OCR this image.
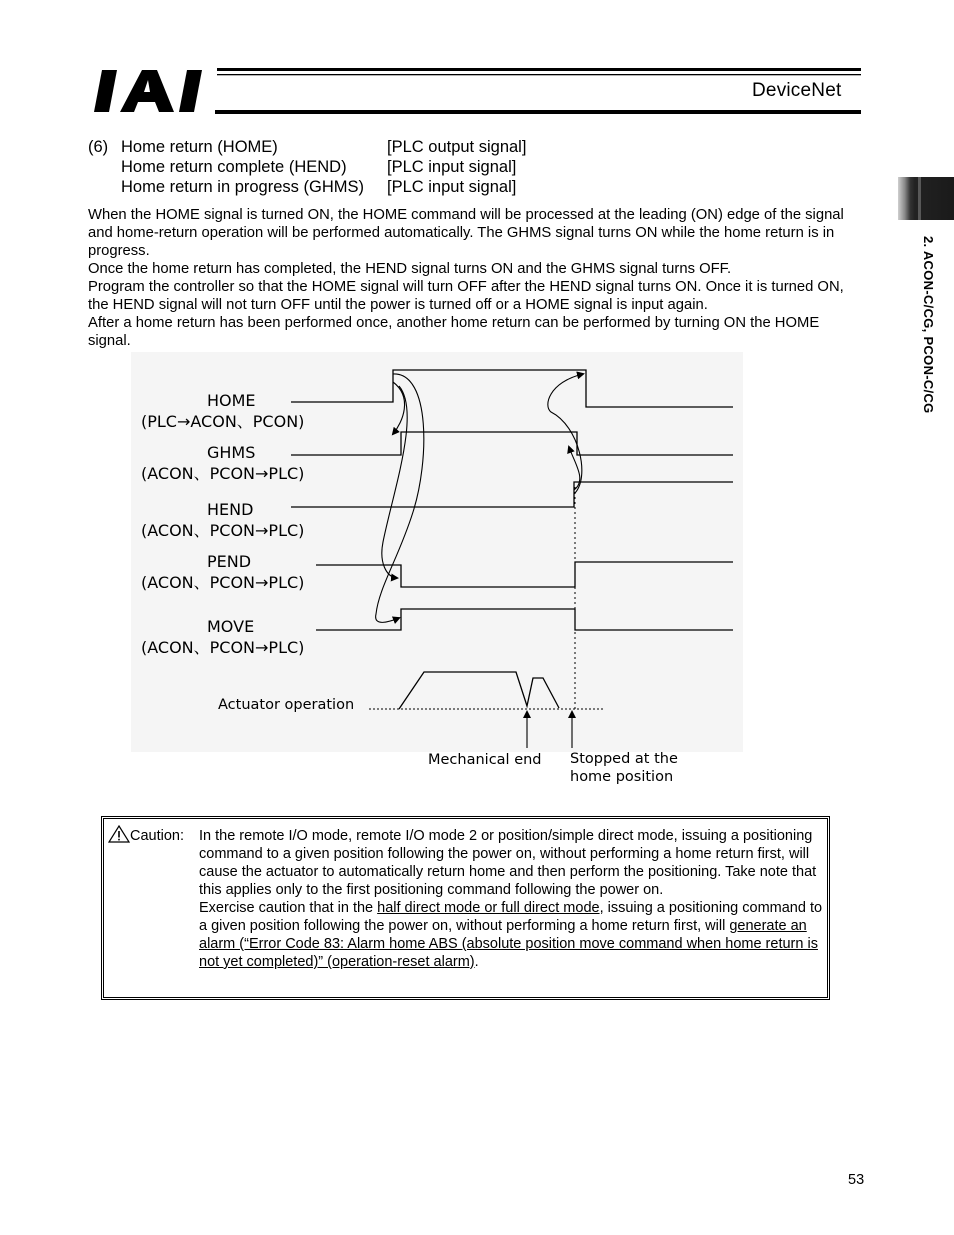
DeviceNet
2. ACON-C/CG, PCON-C/CG
(6) Home return (HOME)	[PLC output signal]
Home return complete (HEND) [PLC input signal]
Home return in progress (GHMS) [PLC input signal]

When the HOME signal is turned ON, the HOME command will be processed at the leading (ON) edge of the signal and home-return operation will be performed automatically. The GHMS signal turns ON while the home return is in progress.

Once the home return has completed, the HEND signal turns ON and the GHMS signal turns OFF.

Program the controller so that the HOME signal will turn OFF after the HEND signal turns ON. Once it is turned ON, the HEND signal will not turn OFF until the power is turned off or a HOME signal is input again.

After a home return has been performed once, another home return can be performed by turning ON the HOME signal.

HOME
(PLC→ACON、PCON)
GHMS
(ACON、PCON→PLC)
HEND
(ACON、PCON→PLC)
PEND
(ACON、PCON→PLC)
MOVE
(ACON、PCON→PLC)
Actuator operation
Mechanical end Stopped at the
home position
Caution: In the remote I/O mode, remote I/O mode 2 or position/simple direct mode, issuing a positioning command to a given position following the power on, without performing a home return first, will cause the actuator to automatically return home and then perform the positioning. Take note that this applies only to the first positioning command following the power on.

Exercise caution that in the half direct mode or full direct mode, issuing a positioning command to a given position following the power on, without performing a home return first, will generate an alarm (“Error Code 83: Alarm home ABS (absolute position move command when home return is not yet completed)” (operation-reset alarm).

53
